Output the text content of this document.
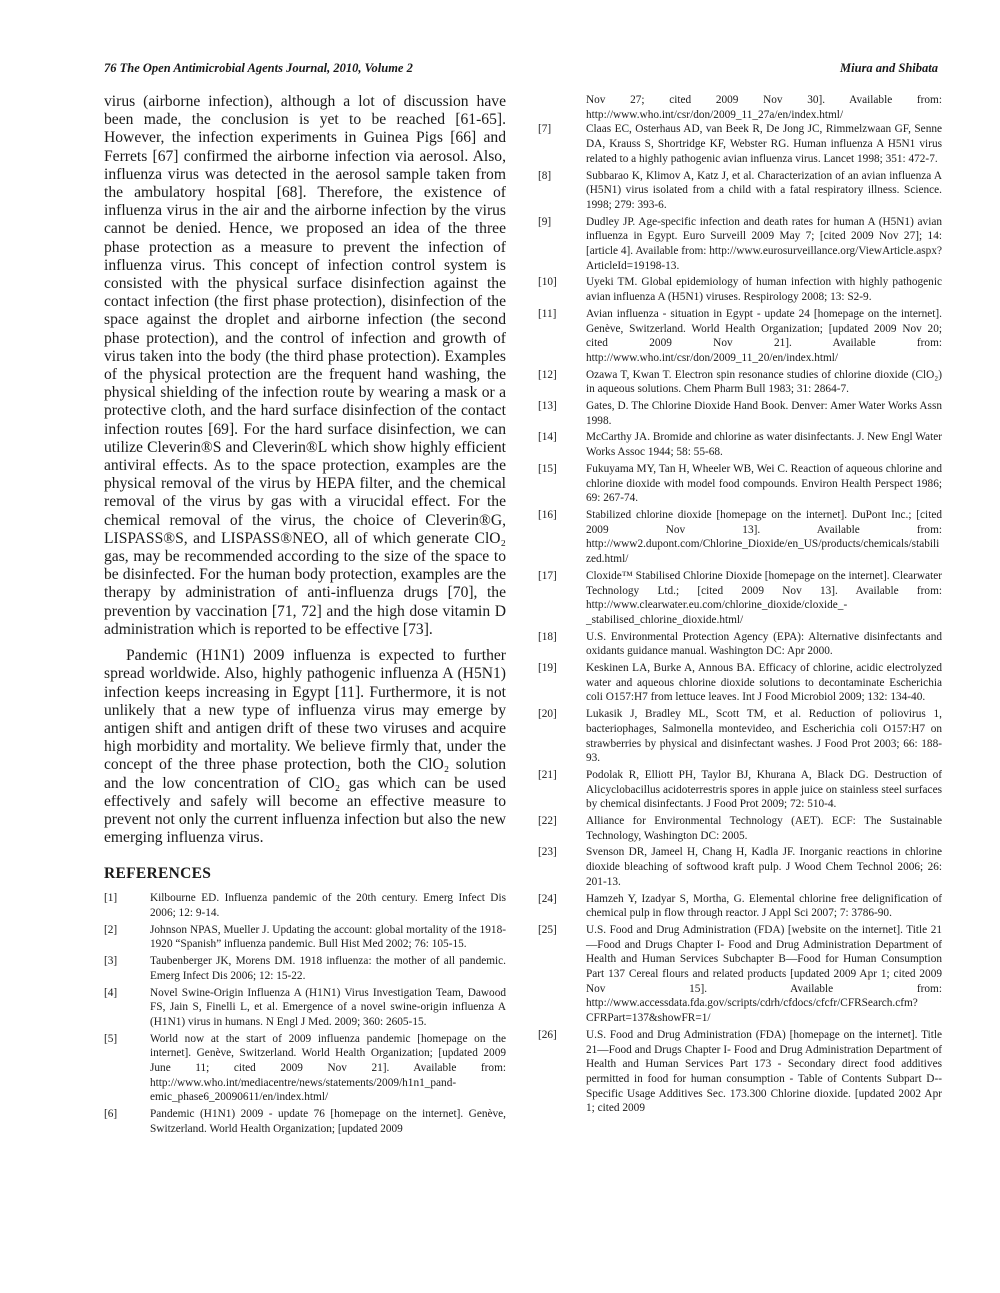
76 The Open Antimicrobial Agents Journal, 2010, Volume 2	Miura and Shibata

virus (airborne infection), although a lot of discussion have been made, the conclusion is yet to be reached [61-65]. However, the infection experiments in Guinea Pigs [66] and Ferrets [67] confirmed the airborne infection via aerosol. Also, influenza virus was detected in the aerosol sample taken from the ambulatory hospital [68]. Therefore, the existence of influenza virus in the air and the airborne infection by the virus cannot be denied. Hence, we proposed an idea of the three phase protection as a measure to prevent the infection of influenza virus. This concept of infection control system is consisted with the physical surface disinfection against the contact infection (the first phase protection), disinfection of the space against the droplet and airborne infection (the second phase protection), and the control of infection and growth of virus taken into the body (the third phase protection). Examples of the physical protection are the frequent hand washing, the physical shielding of the infection route by wearing a mask or a protective cloth, and the hard surface disinfection of the contact infection routes [69]. For the hard surface disinfection, we can utilize Cleverin®S and Cleverin®L which show highly efficient antiviral effects. As to the space protection, examples are the physical removal of the virus by HEPA filter, and the chemical removal of the virus by gas with a virucidal effect. For the chemical removal of the virus, the choice of Cleverin®G, LISPASS®S, and LISPASS®NEO, all of which generate ClO₂ gas, may be recommended according to the size of the space to be disinfected. For the human body protection, examples are the therapy by administration of anti-influenza drugs [70], the prevention by vaccination [71, 72] and the high dose vitamin D administration which is reported to be effective [73].

Pandemic (H1N1) 2009 influenza is expected to further spread worldwide. Also, highly pathogenic influenza A (H5N1) infection keeps increasing in Egypt [11]. Furthermore, it is not unlikely that a new type of influenza virus may emerge by antigen shift and antigen drift of these two viruses and acquire high morbidity and mortality. We believe firmly that, under the concept of the three phase protection, both the ClO₂ solution and the low concentration of ClO₂ gas which can be used effectively and safely will become an effective measure to prevent not only the current influenza infection but also the new emerging influenza virus.

REFERENCES
[1]	Kilbourne ED. Influenza pandemic of the 20th century. Emerg Infect Dis 2006; 12: 9-14.
[2]	Johnson NPAS, Mueller J. Updating the account: global mortality of the 1918-1920 “Spanish” influenza pandemic. Bull Hist Med 2002; 76: 105-15.
[3]	Taubenberger JK, Morens DM. 1918 influenza: the mother of all pandemic. Emerg Infect Dis 2006; 12: 15-22.
[4]	Novel Swine-Origin Influenza A (H1N1) Virus Investigation Team, Dawood FS, Jain S, Finelli L, et al. Emergence of a novel swine-origin influenza A (H1N1) virus in humans. N Engl J Med. 2009; 360: 2605-15.
[5]	World now at the start of 2009 influenza pandemic [homepage on the internet]. Genève, Switzerland. World Health Organization; [updated 2009 June 11; cited 2009 Nov 21]. Available from: http://www.who.int/mediacentre/news/statements/2009/h1n1_pandemic_phase6_20090611/en/index.html/
[6]	Pandemic (H1N1) 2009 - update 76 [homepage on the internet]. Genève, Switzerland. World Health Organization; [updated 2009
Nov 27; cited 2009 Nov 30]. Available from: http://www.who.int/csr/don/2009_11_27a/en/index.html/
[7]	Claas EC, Osterhaus AD, van Beek R, De Jong JC, Rimmelzwaan GF, Senne DA, Krauss S, Shortridge KF, Webster RG. Human influenza A H5N1 virus related to a highly pathogenic avian influenza virus. Lancet 1998; 351: 472-7.
[8]	Subbarao K, Klimov A, Katz J, et al. Characterization of an avian influenza A (H5N1) virus isolated from a child with a fatal respiratory illness. Science. 1998; 279: 393-6.
[9]	Dudley JP. Age-specific infection and death rates for human A (H5N1) avian influenza in Egypt. Euro Surveill 2009 May 7; [cited 2009 Nov 27]; 14: [article 4]. Available from: http://www.eurosurveillance.org/ViewArticle.aspx?ArticleId=19198-13.
[10]	Uyeki TM. Global epidemiology of human infection with highly pathogenic avian influenza A (H5N1) viruses. Respirology 2008; 13: S2-9.
[11]	Avian influenza - situation in Egypt - update 24 [homepage on the internet]. Genève, Switzerland. World Health Organization; [updated 2009 Nov 20; cited 2009 Nov 21]. Available from: http://www.who.int/csr/don/2009_11_20/en/index.html/
[12]	Ozawa T, Kwan T. Electron spin resonance studies of chlorine dioxide (ClO₂) in aqueous solutions. Chem Pharm Bull 1983; 31: 2864-7.
[13]	Gates, D. The Chlorine Dioxide Hand Book. Denver: Amer Water Works Assn 1998.
[14]	McCarthy JA. Bromide and chlorine as water disinfectants. J. New Engl Water Works Assoc 1944; 58: 55-68.
[15]	Fukuyama MY, Tan H, Wheeler WB, Wei C. Reaction of aqueous chlorine and chlorine dioxide with model food compounds. Environ Health Perspect 1986; 69: 267-74.
[16]	Stabilized chlorine dioxide [homepage on the internet]. DuPont Inc.; [cited 2009 Nov 13]. Available from: http://www2.dupont.com/Chlorine_Dioxide/en_US/products/chemicals/stabilized.html/
[17]	Cloxide™ Stabilised Chlorine Dioxide [homepage on the internet]. Clearwater Technology Ltd.; [cited 2009 Nov 13]. Available from: http://www.clearwater.eu.com/chlorine_dioxide/cloxide_-_stabilised_chlorine_dioxide.html/
[18]	U.S. Environmental Protection Agency (EPA): Alternative disinfectants and oxidants guidance manual. Washington DC: Apr 2000.
[19]	Keskinen LA, Burke A, Annous BA. Efficacy of chlorine, acidic electrolyzed water and aqueous chlorine dioxide solutions to decontaminate Escherichia coli O157:H7 from lettuce leaves. Int J Food Microbiol 2009; 132: 134-40.
[20]	Lukasik J, Bradley ML, Scott TM, et al. Reduction of poliovirus 1, bacteriophages, Salmonella montevideo, and Escherichia coli O157:H7 on strawberries by physical and disinfectant washes. J Food Prot 2003; 66: 188-93.
[21]	Podolak R, Elliott PH, Taylor BJ, Khurana A, Black DG. Destruction of Alicyclobacillus acidoterrestris spores in apple juice on stainless steel surfaces by chemical disinfectants. J Food Prot 2009; 72: 510-4.
[22]	Alliance for Environmental Technology (AET). ECF: The Sustainable Technology, Washington DC: 2005.
[23]	Svenson DR, Jameel H, Chang H, Kadla JF. Inorganic reactions in chlorine dioxide bleaching of softwood kraft pulp. J Wood Chem Technol 2006; 26: 201-13.
[24]	Hamzeh Y, Izadyar S, Mortha, G. Elemental chlorine free delignification of chemical pulp in flow through reactor. J Appl Sci 2007; 7: 3786-90.
[25]	U.S. Food and Drug Administration (FDA) [website on the internet]. Title 21—Food and Drugs Chapter I- Food and Drug Administration Department of Health and Human Services Subchapter B—Food for Human Consumption Part 137 Cereal flours and related products [updated 2009 Apr 1; cited 2009 Nov 15]. Available from: http://www.accessdata.fda.gov/scripts/cdrh/cfdocs/cfcfr/CFRSearch.cfm?CFRPart=137&showFR=1/
[26]	U.S. Food and Drug Administration (FDA) [homepage on the internet]. Title 21—Food and Drugs Chapter I- Food and Drug Administration Department of Health and Human Services Part 173 - Secondary direct food additives permitted in food for human consumption - Table of Contents Subpart D--Specific Usage Additives Sec. 173.300 Chlorine dioxide. [updated 2002 Apr 1; cited 2009
